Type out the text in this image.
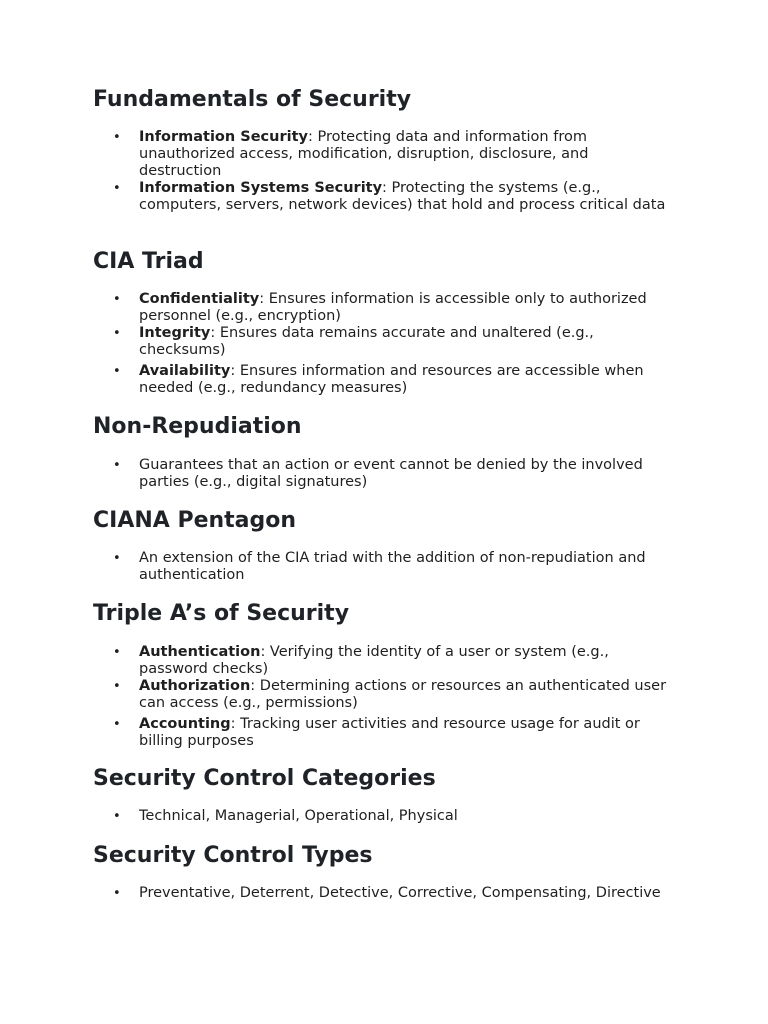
Fundamentals of Security
• Information Security: Protecting data and information from unauthorized access, modification, disruption, disclosure, and destruction
• Information Systems Security: Protecting the systems (e.g., computers, servers, network devices) that hold and process critical data
CIA Triad
• Confidentiality: Ensures information is accessible only to authorized personnel (e.g., encryption)
• Integrity: Ensures data remains accurate and unaltered (e.g., checksums)
• Availability: Ensures information and resources are accessible when needed (e.g., redundancy measures)
Non-Repudiation
• Guarantees that an action or event cannot be denied by the involved parties (e.g., digital signatures)
CIANA Pentagon
• An extension of the CIA triad with the addition of non-repudiation and authentication
Triple A’s of Security
• Authentication: Verifying the identity of a user or system (e.g., password checks)
• Authorization: Determining actions or resources an authenticated user can access (e.g., permissions)
• Accounting: Tracking user activities and resource usage for audit or billing purposes
Security Control Categories
• Technical, Managerial, Operational, Physical
Security Control Types
• Preventative, Deterrent, Detective, Corrective, Compensating, Directive
